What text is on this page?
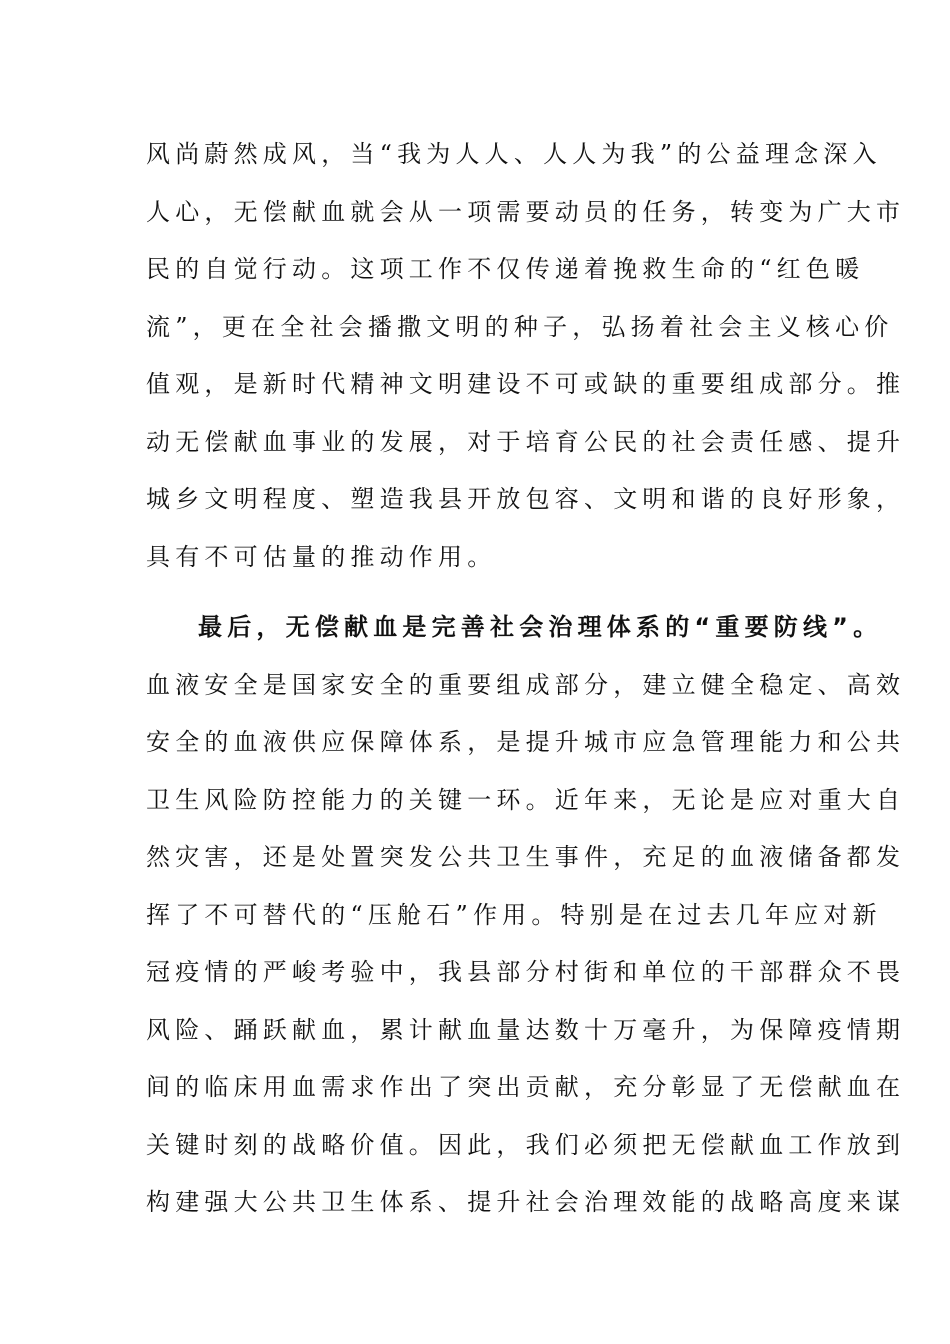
风尚蔚然成风，当“我为人人、人人为我”的公益理念深入
人心，无偿献血就会从一项需要动员的任务，转变为广大市
民的自觉行动。这项工作不仅传递着挽救生命的“红色暖
流”，更在全社会播撒文明的种子，弘扬着社会主义核心价
值观，是新时代精神文明建设不可或缺的重要组成部分。推
动无偿献血事业的发展，对于培育公民的社会责任感、提升
城乡文明程度、塑造我县开放包容、文明和谐的良好形象，
具有不可估量的推动作用。
最后，无偿献血是完善社会治理体系的“重要防线”。
血液安全是国家安全的重要组成部分，建立健全稳定、高效
安全的血液供应保障体系，是提升城市应急管理能力和公共
卫生风险防控能力的关键一环。近年来，无论是应对重大自
然灾害，还是处置突发公共卫生事件，充足的血液储备都发
挥了不可替代的“压舱石”作用。特别是在过去几年应对新
冠疫情的严峻考验中，我县部分村街和单位的干部群众不畏
风险、踊跃献血，累计献血量达数十万毫升，为保障疫情期
间的临床用血需求作出了突出贡献，充分彰显了无偿献血在
关键时刻的战略价值。因此，我们必须把无偿献血工作放到
构建强大公共卫生体系、提升社会治理效能的战略高度来谋
